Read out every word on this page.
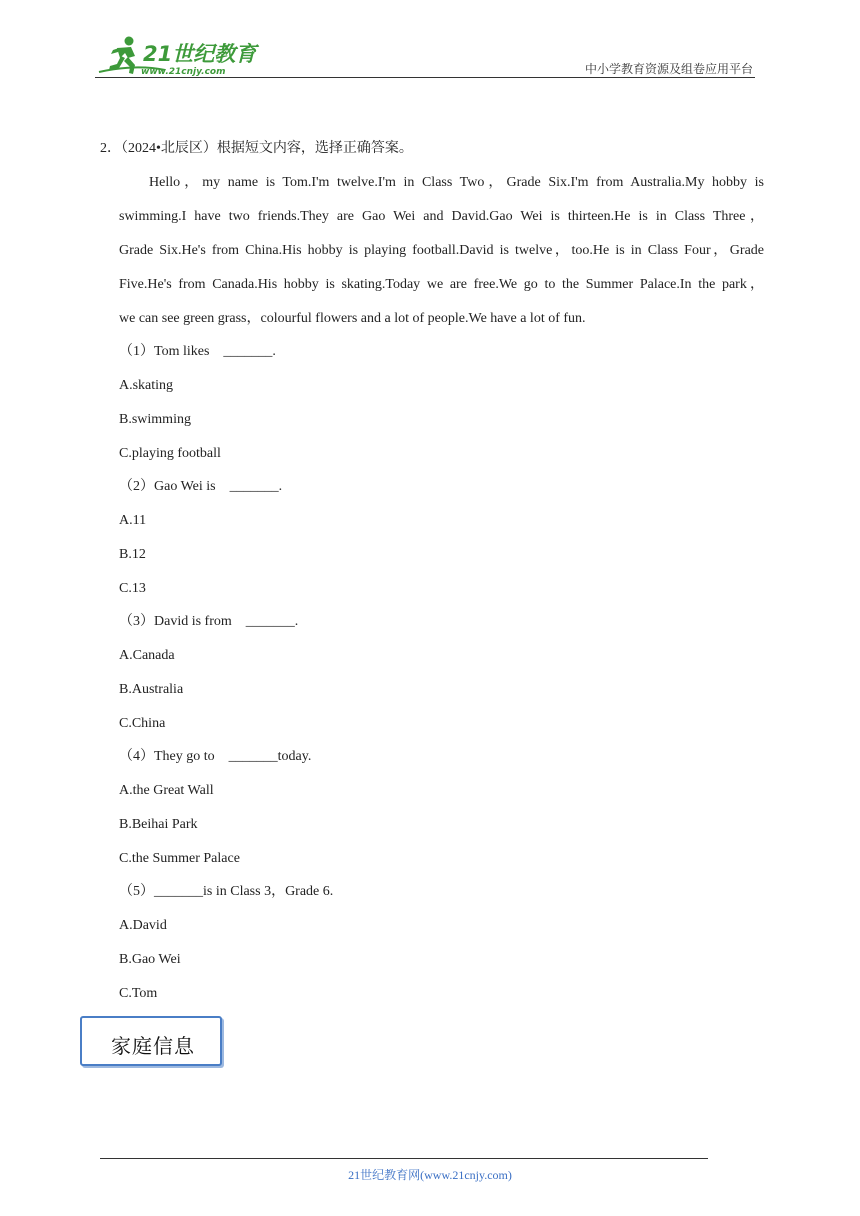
21世纪教育
www.21cnjy.com	中小学教育资源及组卷应用平台
2．（2024•北辰区）根据短文内容，选择正确答案。
Hello，my name is Tom.I'm twelve.I'm in Class Two，Grade Six.I'm from Australia.My hobby is
swimming.I have two friends.They are Gao Wei and David.Gao Wei is thirteen.He is in Class Three，
Grade Six.He's from China.His hobby is playing football.David is twelve，too.He is in Class Four，Grade
Five.He's from Canada.His hobby is skating.Today we are free.We go to the Summer Palace.In the park，
we can see green grass，colourful flowers and a lot of people.We have a lot of fun.
（1）Tom likes　_______.
A.skating
B.swimming
C.playing football
（2）Gao Wei is　_______.
A.11
B.12
C.13
（3）David is from　_______.
A.Canada
B.Australia
C.China
（4）They go to　_______today.
A.the Great Wall
B.Beihai Park
C.the Summer Palace
（5）_______is in Class 3，Grade 6.
A.David
B.Gao Wei
C.Tom
家庭信息
21世纪教育网(www.21cnjy.com)
